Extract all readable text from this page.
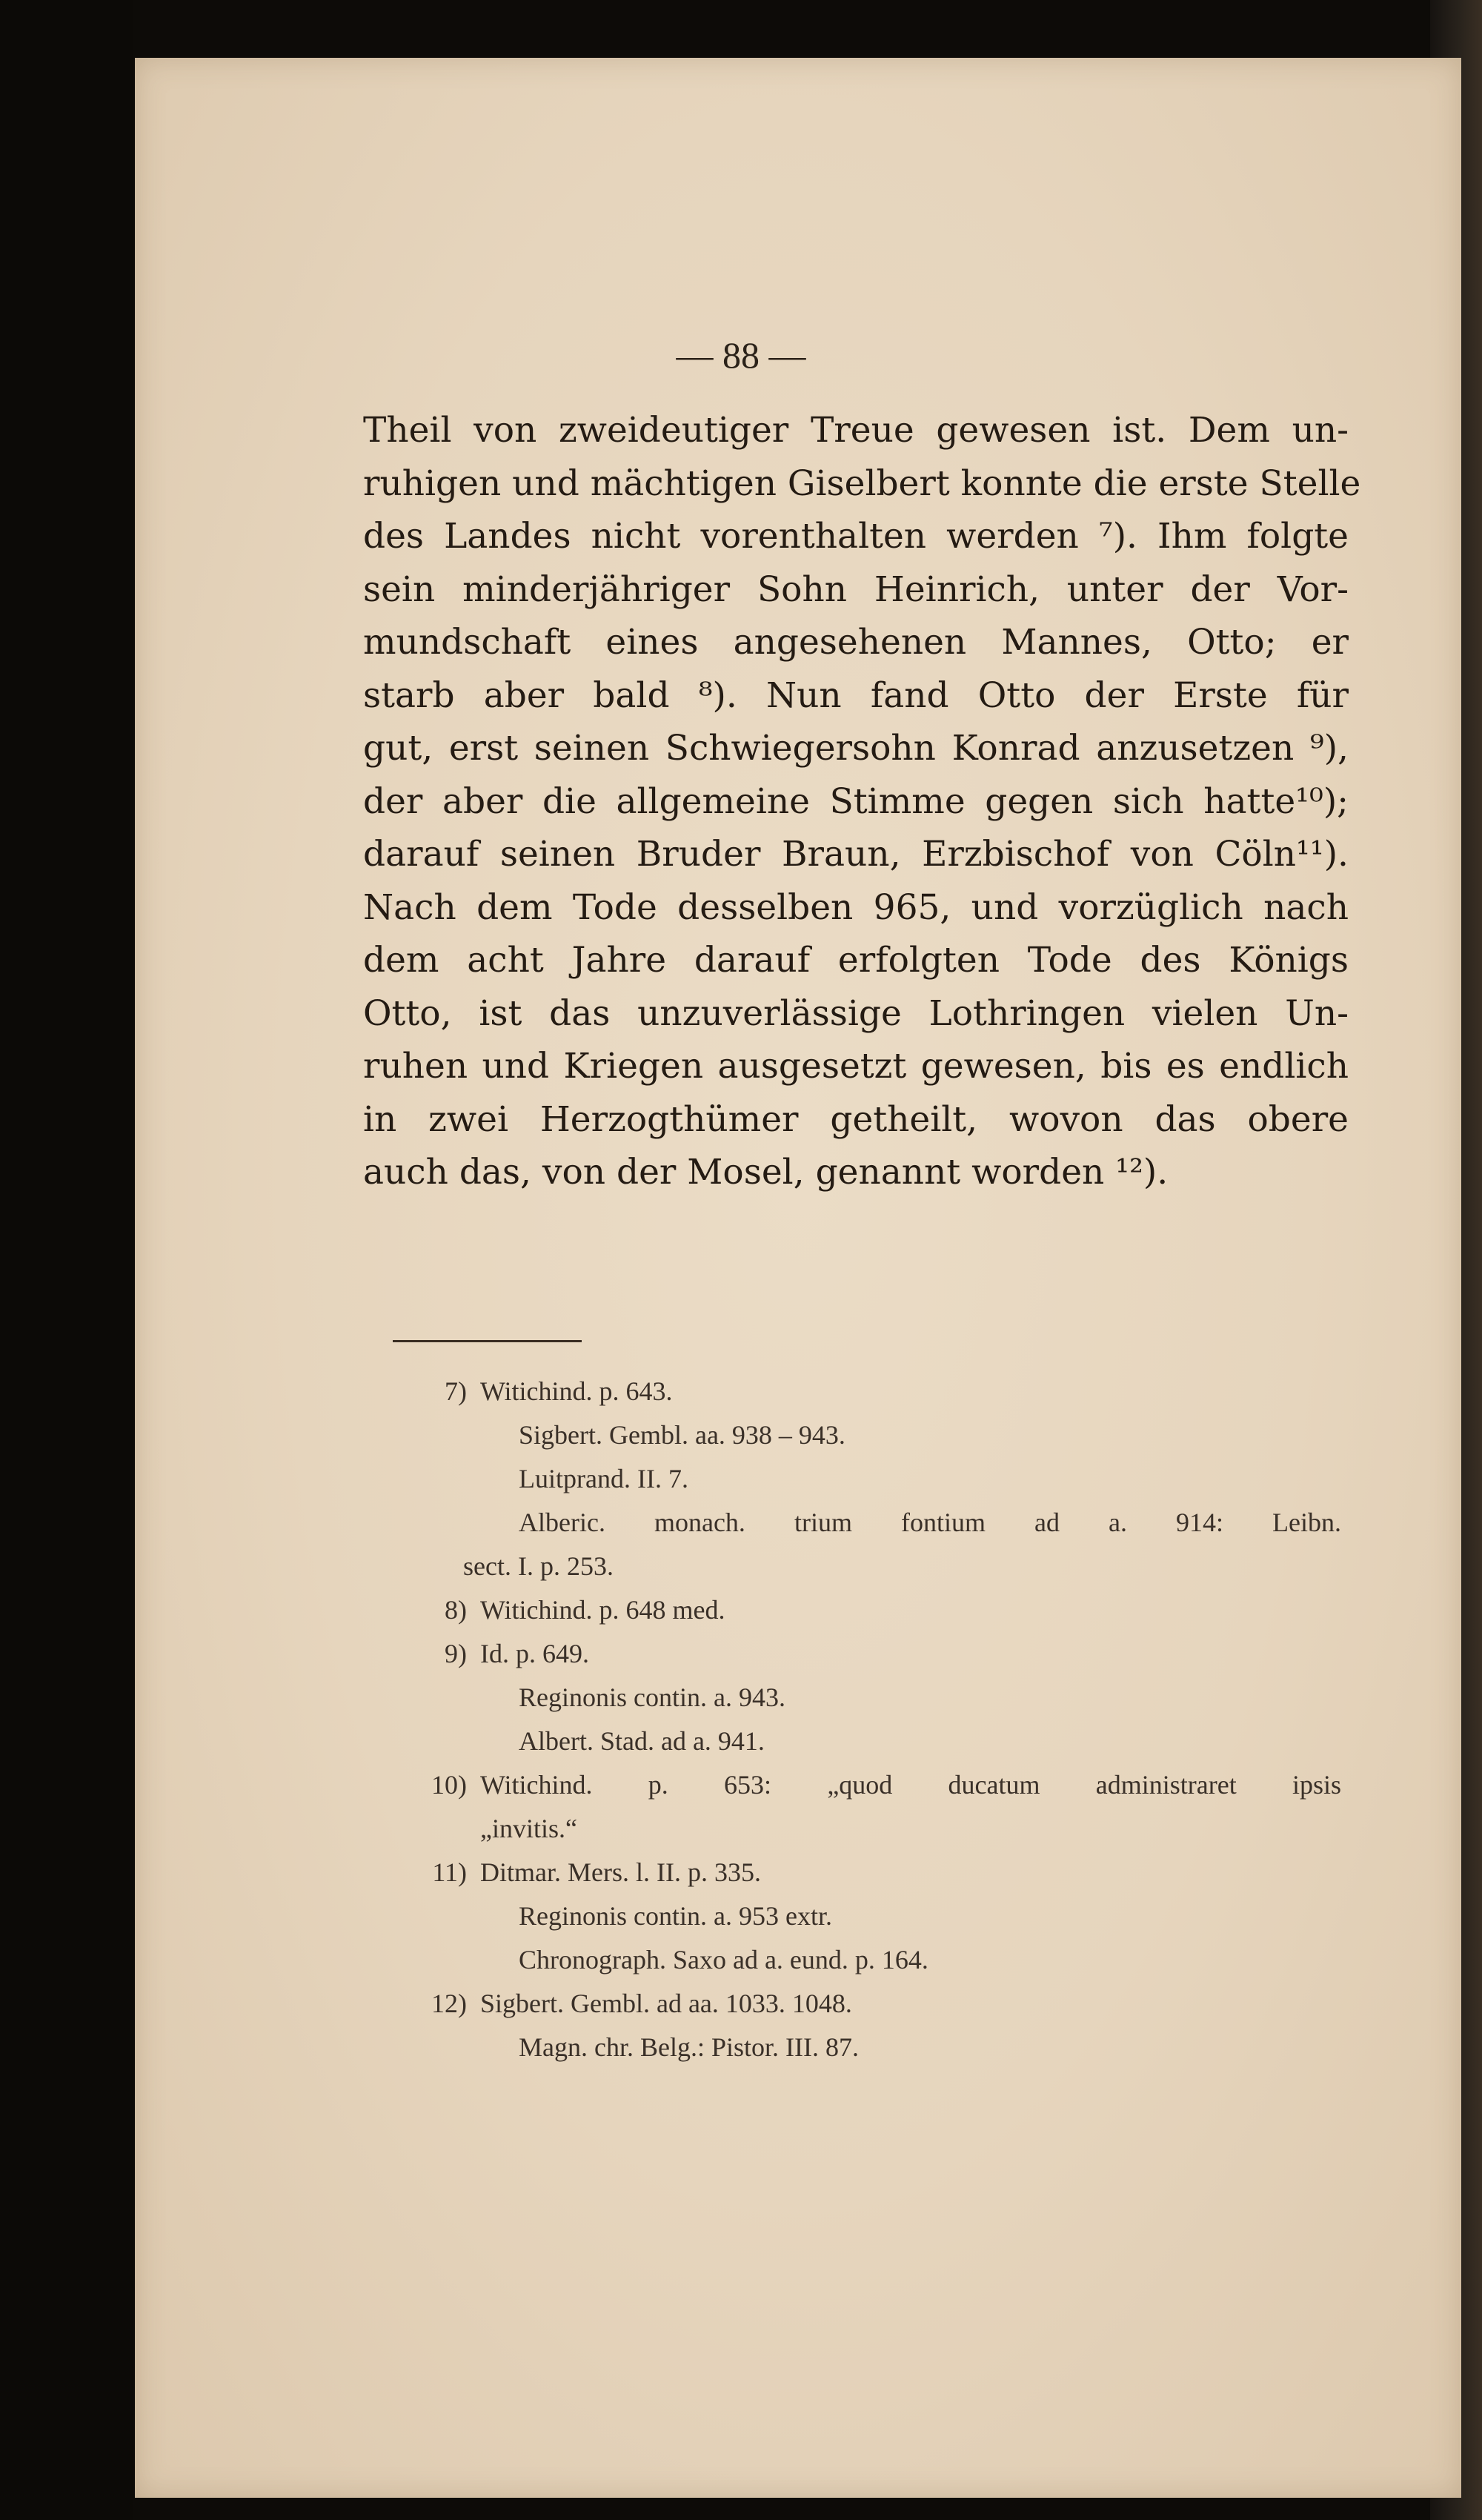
— 88 —
Theil von zweideutiger Treue gewesen ist. Dem un-
ruhigen und mächtigen Giselbert konnte die erste Stelle
des Landes nicht vorenthalten werden ⁷). Ihm folgte
sein minderjähriger Sohn Heinrich, unter der Vor-
mundschaft eines angesehenen Mannes, Otto; er
starb aber bald ⁸). Nun fand Otto der Erste für
gut, erst seinen Schwiegersohn Konrad anzusetzen ⁹),
der aber die allgemeine Stimme gegen sich hatte¹⁰);
darauf seinen Bruder Braun, Erzbischof von Cöln¹¹).
Nach dem Tode desselben 965, und vorzüglich nach
dem acht Jahre darauf erfolgten Tode des Königs
Otto, ist das unzuverlässige Lothringen vielen Un-
ruhen und Kriegen ausgesetzt gewesen, bis es endlich
in zwei Herzogthümer getheilt, wovon das obere
auch das, von der Mosel, genannt worden ¹²).
7) Witichind. p. 643.
Sigbert. Gembl. aa. 938 – 943.
Luitprand. II. 7.
Alberic. monach. trium fontium ad a. 914: Leibn.
sect. I. p. 253.
8) Witichind. p. 648 med.
9) Id. p. 649.
Reginonis contin. a. 943.
Albert. Stad. ad a. 941.
10) Witichind. p. 653: „quod ducatum administraret ipsis
„invitis.“
11) Ditmar. Mers. l. II. p. 335.
Reginonis contin. a. 953 extr.
Chronograph. Saxo ad a. eund. p. 164.
12) Sigbert. Gembl. ad aa. 1033. 1048.
Magn. chr. Belg.: Pistor. III. 87.
